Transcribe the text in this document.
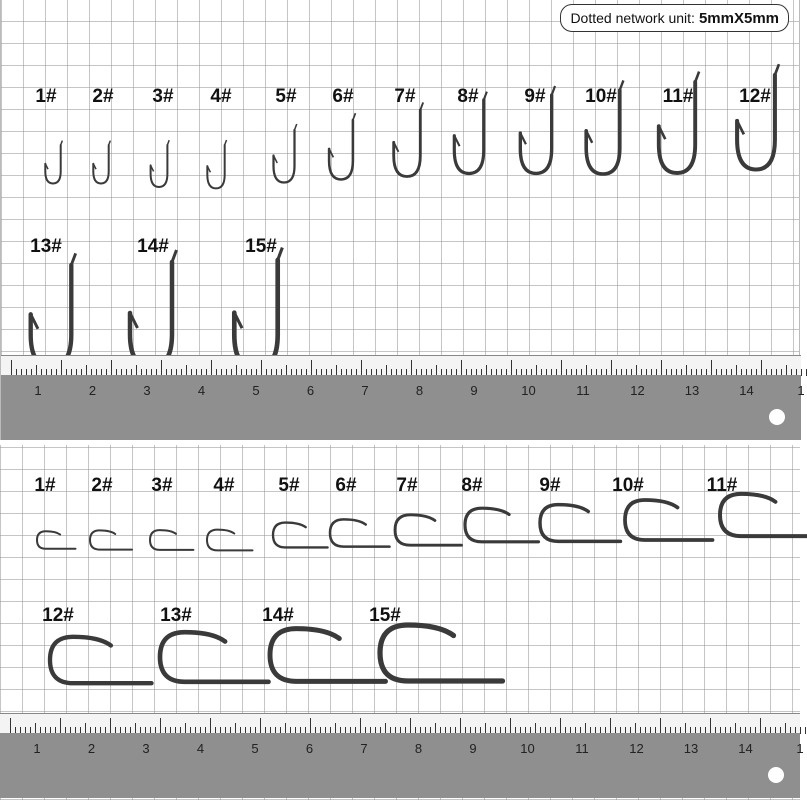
Dotted network unit: 5mmX5mm
1# 2# 3# 4# 5# 6# 7# 8# 9# 10# 11# 12#
13#	14#	15#
1	2	3	4	5	6	7	8	9	10	11	12	13	14	1
1# 2# 3# 4# 5# 6# 7# 8#	9#	10#	11#
12#	13#	14#	15#
1	2	3	4	5	6	7	8	9	10	11	12	13	14	1
